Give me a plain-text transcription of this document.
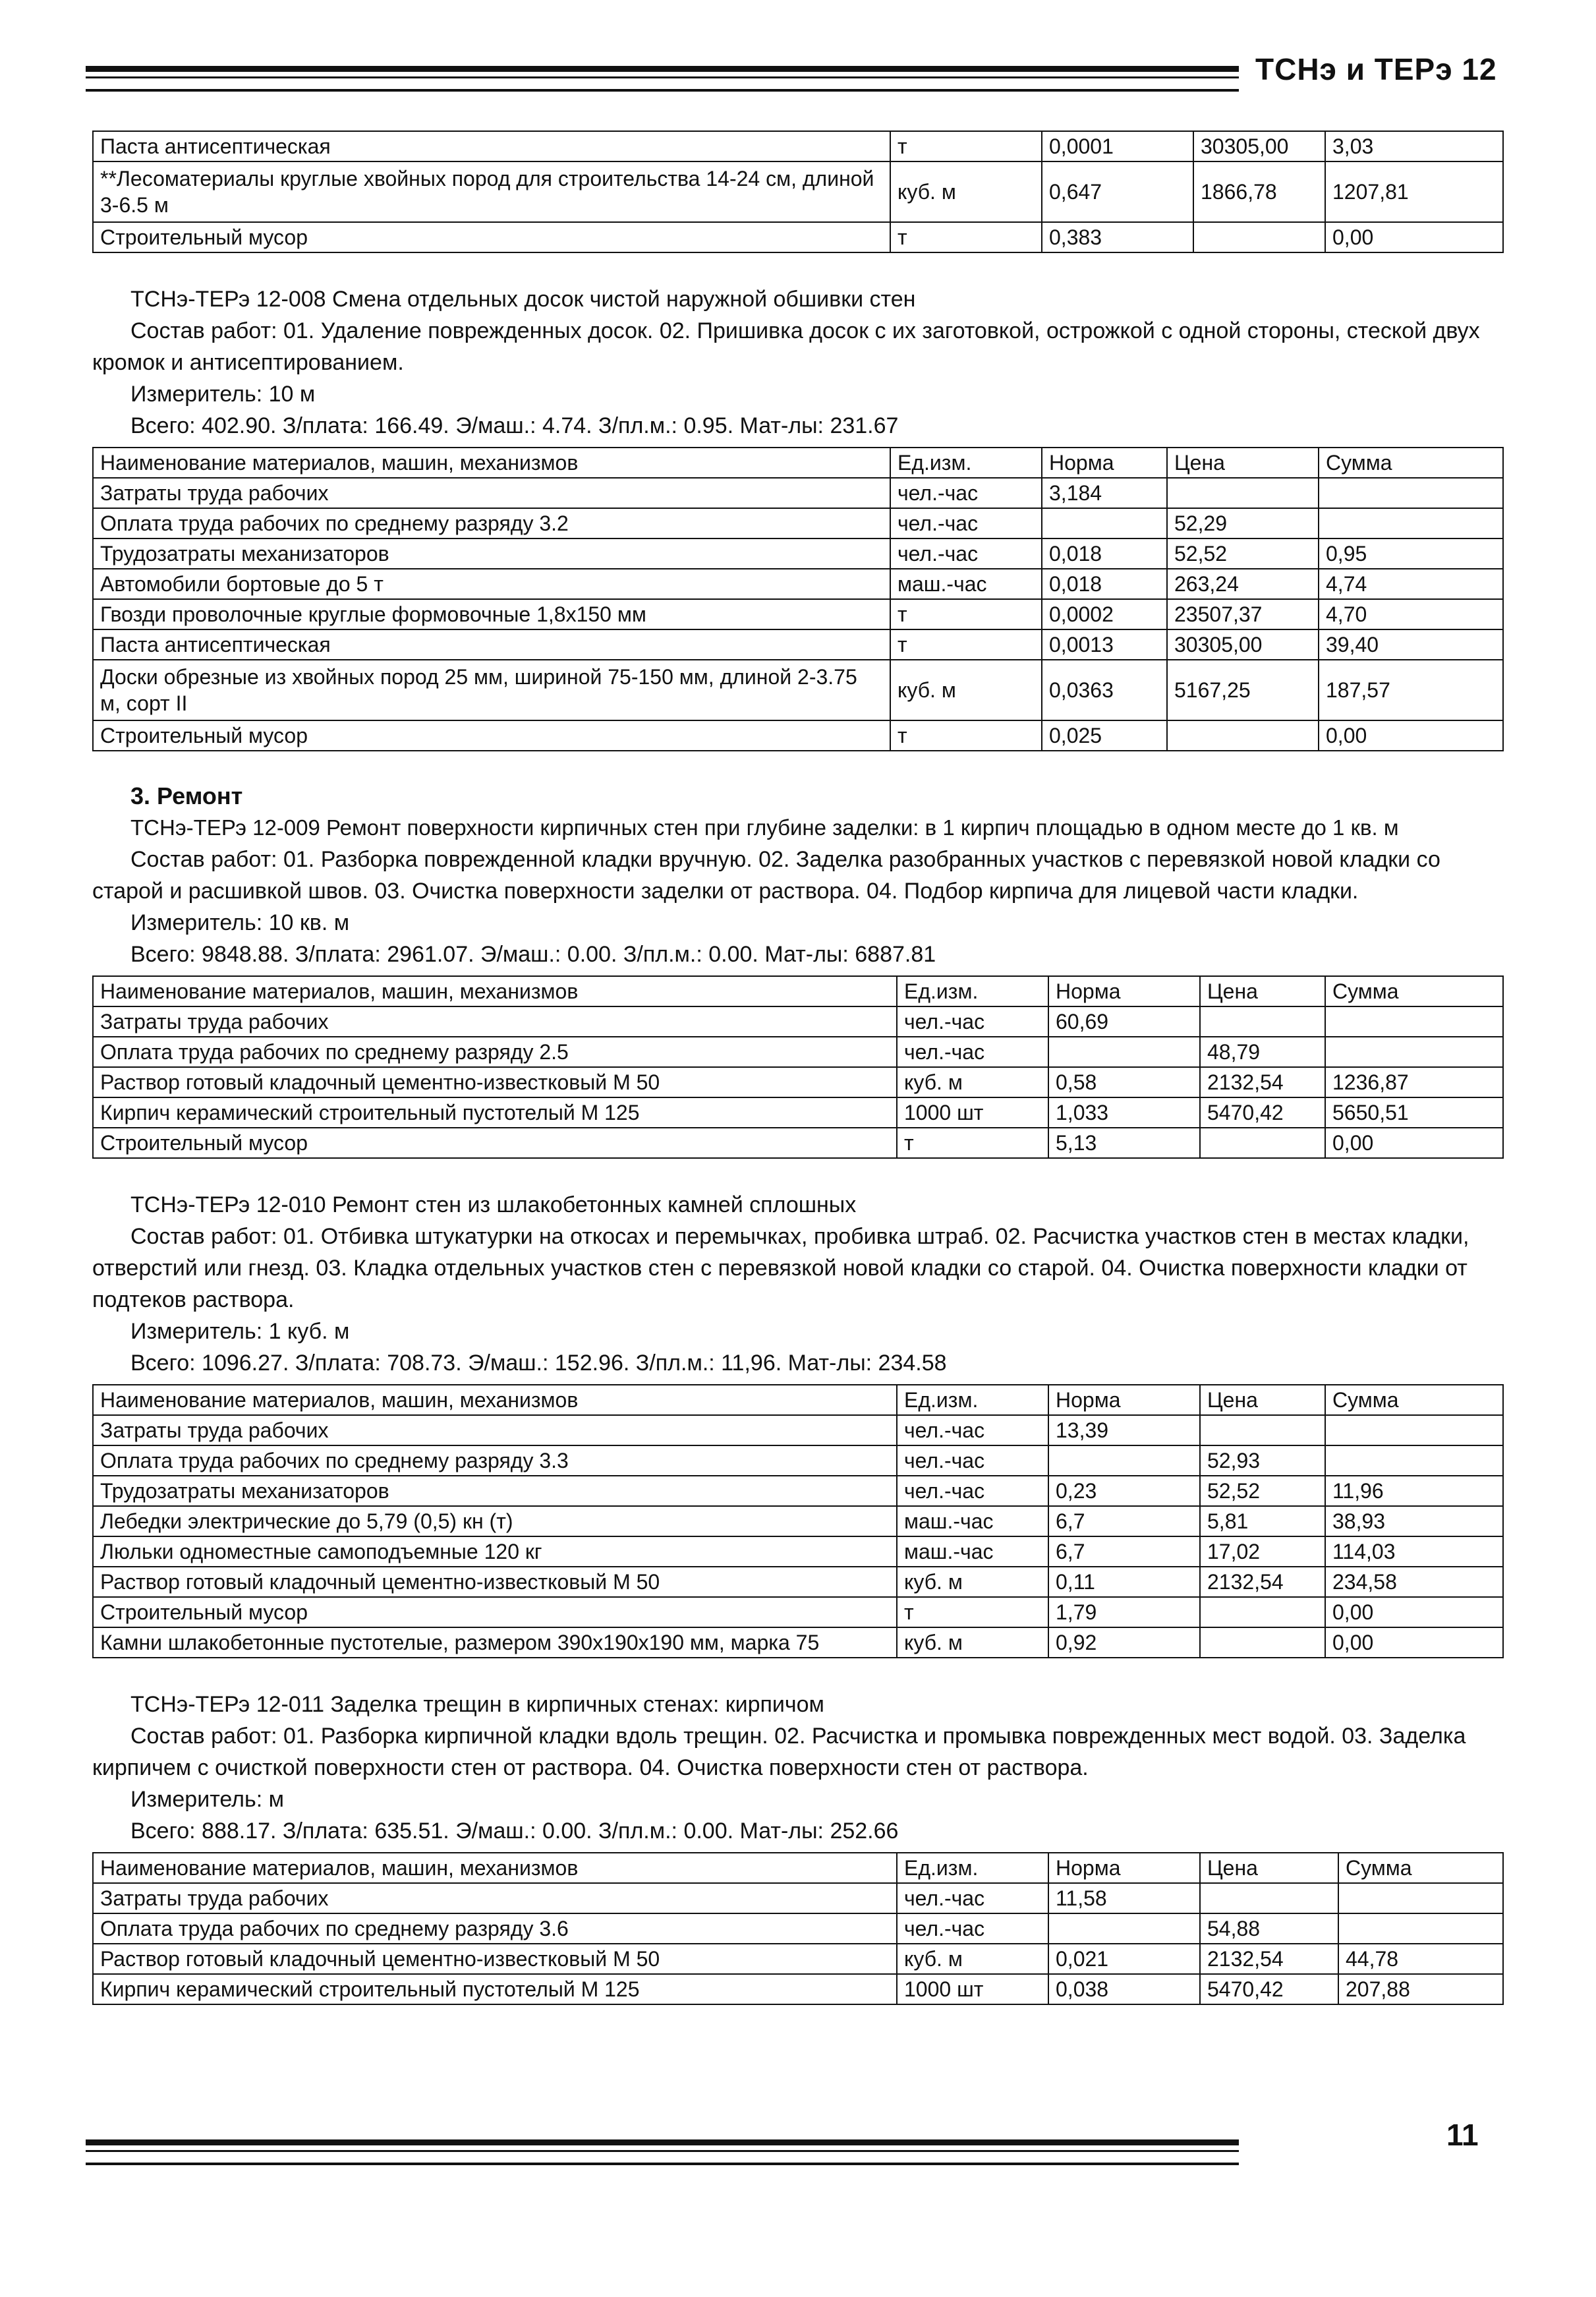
ТСНэ и ТЕРэ 12
Паста антисептическая	т	0,0001	30305,00	3,03
**Лесоматериалы круглые хвойных пород для строительства 14-24 см, длиной 3-6.5 м	куб. м	0,647	1866,78	1207,81
Строительный мусор	т	0,383		0,00
ТСНэ-ТЕРэ 12-008 Смена отдельных досок чистой наружной обшивки стен

Состав работ: 01. Удаление поврежденных досок. 02. Пришивка досок с их заготовкой, острожкой с одной стороны, стеской двух кромок и антисептированием.

Измеритель: 10 м
Всего: 402.90. З/плата: 166.49. Э/маш.: 4.74. З/пл.м.: 0.95. Мат-лы: 231.67
Наименование материалов, машин, механизмов	Ед.изм.	Норма	Цена	Сумма
Затраты труда рабочих	чел.-час	3,184		
Оплата труда рабочих по среднему разряду 3.2	чел.-час		52,29	
Трудозатраты механизаторов	чел.-час	0,018	52,52	0,95
Автомобили бортовые до 5 т	маш.-час	0,018	263,24	4,74
Гвозди проволочные круглые формовочные 1,8x150 мм	т	0,0002	23507,37	4,70
Паста антисептическая	т	0,0013	30305,00	39,40
Доски обрезные из хвойных пород 25 мм, шириной 75-150 мм, длиной 2-3.75 м, сорт II	куб. м	0,0363	5167,25	187,57
Строительный мусор	т	0,025		0,00
3. Ремонт
ТСНэ-ТЕРэ 12-009 Ремонт поверхности кирпичных стен при глубине заделки: в 1 кирпич площадью в одном месте до 1 кв. м

Состав работ: 01. Разборка поврежденной кладки вручную. 02. Заделка разобранных участков с перевязкой новой кладки со старой и расшивкой швов. 03. Очистка поверхности заделки от раствора. 04. Подбор кирпича для лицевой части кладки.

Измеритель: 10 кв. м
Всего: 9848.88. З/плата: 2961.07. Э/маш.: 0.00. З/пл.м.: 0.00. Мат-лы: 6887.81
Наименование материалов, машин, механизмов	Ед.изм.	Норма	Цена	Сумма
Затраты труда рабочих	чел.-час	60,69		
Оплата труда рабочих по среднему разряду 2.5	чел.-час		48,79	
Раствор готовый кладочный цементно-известковый М 50	куб. м	0,58	2132,54	1236,87
Кирпич керамический строительный пустотелый М 125	1000 шт	1,033	5470,42	5650,51
Строительный мусор	т	5,13		0,00
ТСНэ-ТЕРэ 12-010 Ремонт стен из шлакобетонных камней сплошных

Состав работ: 01. Отбивка штукатурки на откосах и перемычках, пробивка штраб. 02. Расчистка участков стен в местах кладки, отверстий или гнезд. 03. Кладка отдельных участков стен с перевязкой новой кладки со старой. 04. Очистка поверхности кладки от подтеков раствора.

Измеритель: 1 куб. м
Всего: 1096.27. З/плата: 708.73. Э/маш.: 152.96. З/пл.м.: 11,96. Мат-лы: 234.58
Наименование материалов, машин, механизмов	Ед.изм.	Норма	Цена	Сумма
Затраты труда рабочих	чел.-час	13,39		
Оплата труда рабочих по среднему разряду 3.3	чел.-час		52,93	
Трудозатраты механизаторов	чел.-час	0,23	52,52	11,96
Лебедки электрические до 5,79 (0,5) кн (т)	маш.-час	6,7	5,81	38,93
Люльки одноместные самоподъемные 120 кг	маш.-час	6,7	17,02	114,03
Раствор готовый кладочный цементно-известковый М 50	куб. м	0,11	2132,54	234,58
Строительный мусор	т	1,79		0,00
Камни шлакобетонные пустотелые, размером 390x190x190 мм, марка 75	куб. м	0,92		0,00
ТСНэ-ТЕРэ 12-011 Заделка трещин в кирпичных стенах: кирпичом

Состав работ: 01. Разборка кирпичной кладки вдоль трещин. 02. Расчистка и промывка поврежденных мест водой. 03. Заделка кирпичем с очисткой поверхности стен от раствора. 04. Очистка поверхности стен от раствора.

Измеритель: м
Всего: 888.17. З/плата: 635.51. Э/маш.: 0.00. З/пл.м.: 0.00. Мат-лы: 252.66
Наименование материалов, машин, механизмов	Ед.изм.	Норма	Цена	Сумма
Затраты труда рабочих	чел.-час	11,58		
Оплата труда рабочих по среднему разряду 3.6	чел.-час		54,88	
Раствор готовый кладочный цементно-известковый М 50	куб. м	0,021	2132,54	44,78
Кирпич керамический строительный пустотелый М 125	1000 шт	0,038	5470,42	207,88
11
